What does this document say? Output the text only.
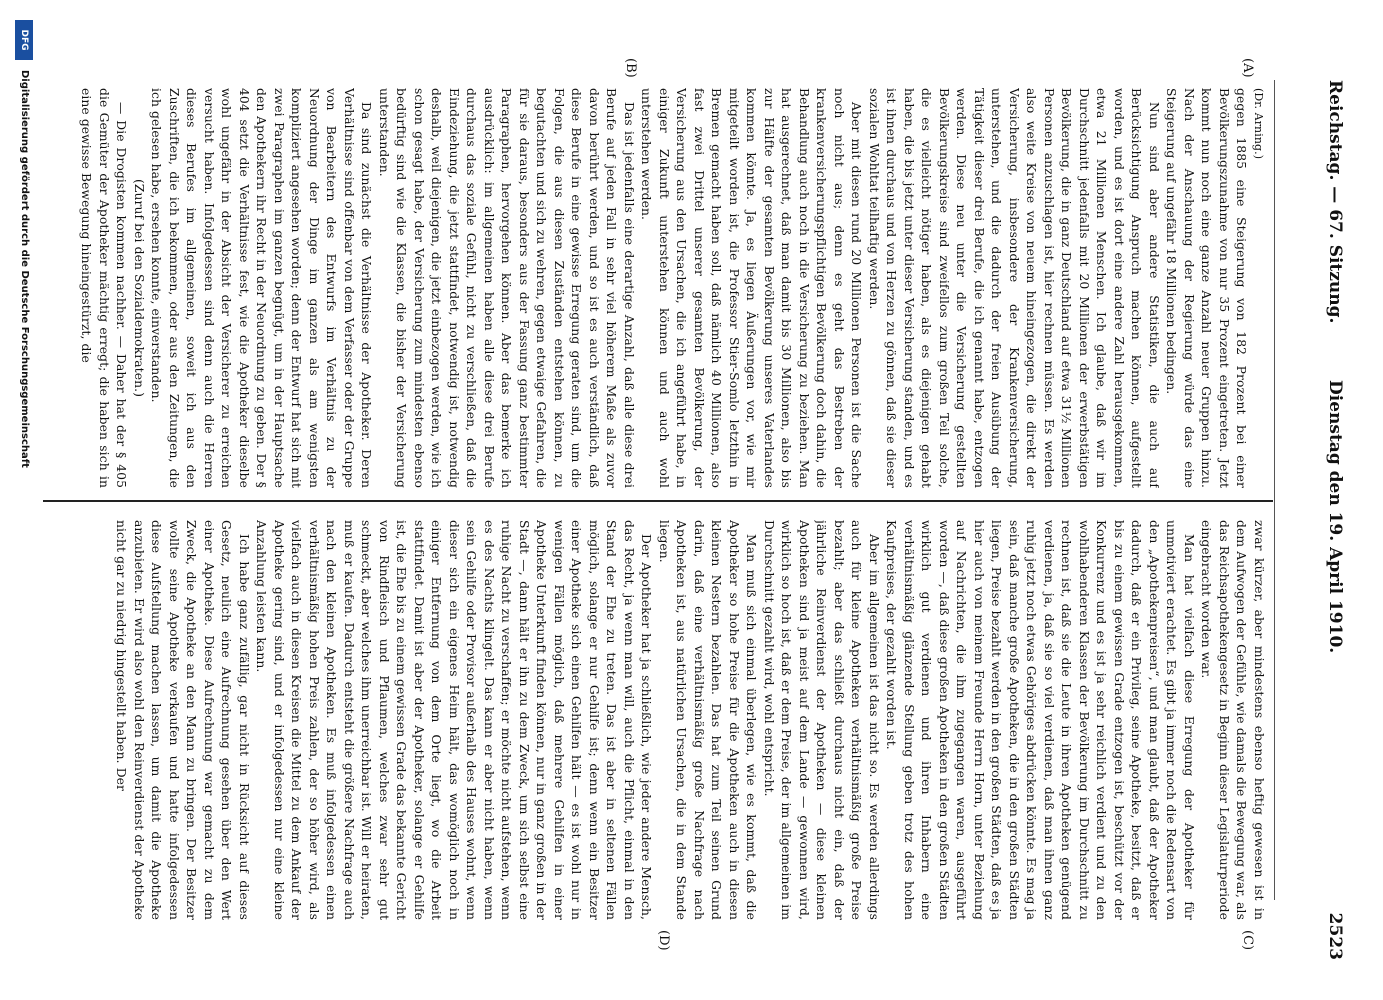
Reichstag. — 67. Sitzung.
Dienstag den 19. April 1910.
2523
(A)
(B)
(C)
(D)

(Dr. Arning.)

gegen 1885 eine Steigerung von 182 Prozent bei einer Bevölkerungszunahme von nur 35 Prozent eingetreten. Jetzt kommt nun noch eine ganze Anzahl neuer Gruppen hinzu. Nach der Anschauung der Regierung würde das eine Steigerung auf ungefähr 18 Millionen bedingen.

Nun sind aber andere Statistiken, die auch auf Berücksichtigung Anspruch machen können, aufgestellt worden, und es ist dort eine andere Zahl herausgekommen, etwa 21 Millionen Menschen. Ich glaube, daß wir im Durchschnitt jedenfalls mit 20 Millionen der erwerbstätigen Bevölkerung, die in ganz Deutschland auf etwa 31½ Millionen Personen anzuschlagen ist, hier rechnen müssen. Es werden also weite Kreise von neuem hineingezogen, die direkt der Versicherung, insbesondere der Krankenversicherung, unterstehen, und die dadurch der freien Ausübung der Tätigkeit dieser drei Berufe, die ich genannt habe, entzogen werden. Diese neu unter die Versicherung gestellten Bevölkerungskreise sind zweifellos zum großen Teil solche, die es vielleicht nötiger haben, als es diejenigen gehabt haben, die bis jetzt unter dieser Versicherung standen, und es ist ihnen durchaus und von Herzen zu gönnen, daß sie dieser sozialen Wohltat teilhaftig werden.

Aber mit diesen rund 20 Millionen Personen ist die Sache noch nicht aus; denn es geht das Bestreben der krankenversicherungspflichtigen Bevölkerung doch dahin, die Behandlung auch noch in die Versicherung zu beziehen. Man hat ausgerechnet, daß man damit bis 30 Millionen, also bis zur Hälfte der gesamten Bevölkerung unseres Vaterlandes kommen könnte. Ja, es liegen Äußerungen vor, wie mir mitgeteilt worden ist, die Professor Stier-Somlo letzthin in Bremen gemacht haben soll, daß nämlich 40 Millionen, also fast zwei Drittel unserer gesamten Bevölkerung, der Versicherung aus den Ursachen, die ich angeführt habe, in einiger Zukunft unterstehen können und auch wohl unterstehen werden.

Das ist jedenfalls eine derartige Anzahl, daß alle diese drei Berufe auf jeden Fall in sehr viel höherem Maße als zuvor davon berührt werden, und so ist es auch verständlich, daß diese Berufe in eine gewisse Erregung geraten sind, um die Folgen, die aus diesen Zuständen entstehen können, zu begutachten und sich zu wehren, gegen etwaige Gefahren, die für sie daraus, besonders aus der Fassung ganz bestimmter Paragraphen, hervorgehen können. Aber das bemerke ich ausdrücklich: im allgemeinen haben alle diese drei Berufe durchaus das soziale Gefühl, nicht zu verschließen, daß die Eindeziehung, die jetzt stattfindet, notwendig ist, notwendig deshalb, weil diejenigen, die jetzt einbezogen werden, wie ich schon gesagt habe, der Versicherung zum mindesten ebenso bedürftig sind wie die Klassen, die bisher der Versicherung unterstanden.

Da sind zunächst die Verhältnisse der Apotheker. Deren Verhältnisse sind offenbar von dem Verfasser oder der Gruppe von Bearbeitern des Entwurfs im Verhältnis zu der Neuordnung der Dinge im ganzen als am wenigsten kompliziert angesehen worden; denn der Entwurf hat sich mit zwei Paragraphen im ganzen begnügt, um in der Hauptsache den Apothekern ihr Recht in der Neuordnung zu geben. Der § 404 setzt die Verhältnisse fest, wie die Apotheker dieselbe wohl ungefähr in der Absicht der Versicherer zu erreichen versucht haben. Infolgedessen sind denn auch die Herren dieses Berufes im allgemeinen, soweit ich aus den Zuschriften, die ich bekommen, oder aus den Zeitungen, die ich gelesen habe, ersehen konnte, einverstanden.

(Zuruf bei den Sozialdemokraten.)

— Die Drogisten kommen nachher. — Daher hat der § 405 die Gemüter der Apotheker mächtig erregt; die haben sich in eine gewisse Bewegung hineingestürzt, die

zwar kürzer, aber mindestens ebenso heftig gewesen ist in dem Aufwogen der Gefühle, wie damals die Bewegung war, als das Reichsapothekengesetz in Beginn dieser Legislaturperiode eingebracht worden war.

Man hat vielfach diese Erregung der Apotheker für unmotiviert erachtet. Es gibt ja immer noch die Redensart von den „Apothekenpreisen“, und man glaubt, daß der Apotheker dadurch, daß er ein Privileg, seine Apotheke, besitzt, daß er bis zu einem gewissen Grade entzogen ist, beschützt vor der Konkurrenz und es ist ja sehr reichlich verdient und zu den wohlhabenderen Klassen der Bevölkerung im Durchschnitt zu rechnen ist, daß sie die Leute in ihren Apotheken genügend verdienen, ja, daß sie so viel verdienen, daß man ihnen ganz ruhig jetzt noch etwas Gehöriges abdrücken könnte. Es mag ja sein, daß manche große Apotheken, die in den großen Städten liegen, Preise bezahlt werden in den großen Städten, daß es ja hier auch von meinem Freunde Herrn Horn, unter Beziehung auf Nachrichten, die ihm zugegangen waren, ausgeführt worden —, daß diese großen Apotheken in den großen Städten wirklich gut verdienen und ihren Inhabern eine verhältnismäßig glänzende Stellung geben trotz des hohen Kaufpreises, der gezahlt worden ist.

Aber im allgemeinen ist das nicht so. Es werden allerdings auch für kleine Apotheken verhältnismäßig große Preise bezahlt; aber das schließt durchaus nicht ein, daß der jährliche Reinverdienst der Apotheken — diese kleinen Apotheken sind ja meist auf dem Lande — gewonnen wird, wirklich so hoch ist, daß er dem Preise, der im allgemeinen im Durchschnitt gezahlt wird, wohl entspricht.

Man muß sich einmal überlegen, wie es kommt, daß die Apotheker so hohe Preise für die Apotheken auch in diesen kleinen Nestern bezahlen. Das hat zum Teil seinen Grund darin, daß eine verhältnismäßig große Nachfrage nach Apotheken ist, aus natürlichen Ursachen, die in dem Stande liegen.

Der Apotheker hat ja schließlich, wie jeder andere Mensch, das Recht, ja wenn man will, auch die Pflicht, einmal in den Stand der Ehe zu treten. Das ist aber in seltenen Fällen möglich, solange er nur Gehilfe ist; denn wenn ein Besitzer einer Apotheke sich einen Gehilfen hält — es ist wohl nur in wenigen Fällen möglich, daß mehrere Gehilfen in einer Apotheke Unterkunft finden können, nur in ganz großen in der Stadt —, dann hält er ihn zu dem Zweck, um sich selbst eine ruhige Nacht zu verschaffen; er möchte nicht aufstehen, wenn es des Nachts klingelt. Das kann er aber nicht haben, wenn sein Gehilfe oder Provisor außerhalb des Hauses wohnt, wenn dieser sich ein eigenes Heim hält, das womöglich noch in einiger Entfernung von dem Orte liegt, wo die Arbeit stattfindet. Damit ist aber der Apotheker, solange er Gehilfe ist, die Ehe bis zu einem gewissen Grade das bekannte Gericht von Rindfleisch und Pflaumen, welches zwar sehr gut schmeckt, aber welches ihm unerreichbar ist. Will er heiraten, muß er kaufen. Dadurch entsteht die größere Nachfrage auch nach den kleinen Apotheken. Es muß infolgedessen einen verhältnismäßig hohen Preis zahlen, der so höher wird, als vielfach auch in diesen Kreisen die Mittel zu dem Ankauf der Apotheke gering sind, und er infolgedessen nur eine kleine Anzahlung leisten kann.

Ich habe ganz zufällig, gar nicht in Rücksicht auf dieses Gesetz, neulich eine Aufrechnung gesehen über den Wert einer Apotheke. Diese Aufrechnung war gemacht zu dem Zweck, die Apotheke an den Mann zu bringen. Der Besitzer wollte seine Apotheke verkaufen und hatte infolgedessen diese Aufstellung machen lassen, um damit die Apotheke anzubieten. Er wird also wohl den Reinverdienst der Apotheke nicht gar zu niedrig hingestellt haben. Der

DFG
Digitalisierung gefördert durch die Deutsche Forschungsgemeinschaft
